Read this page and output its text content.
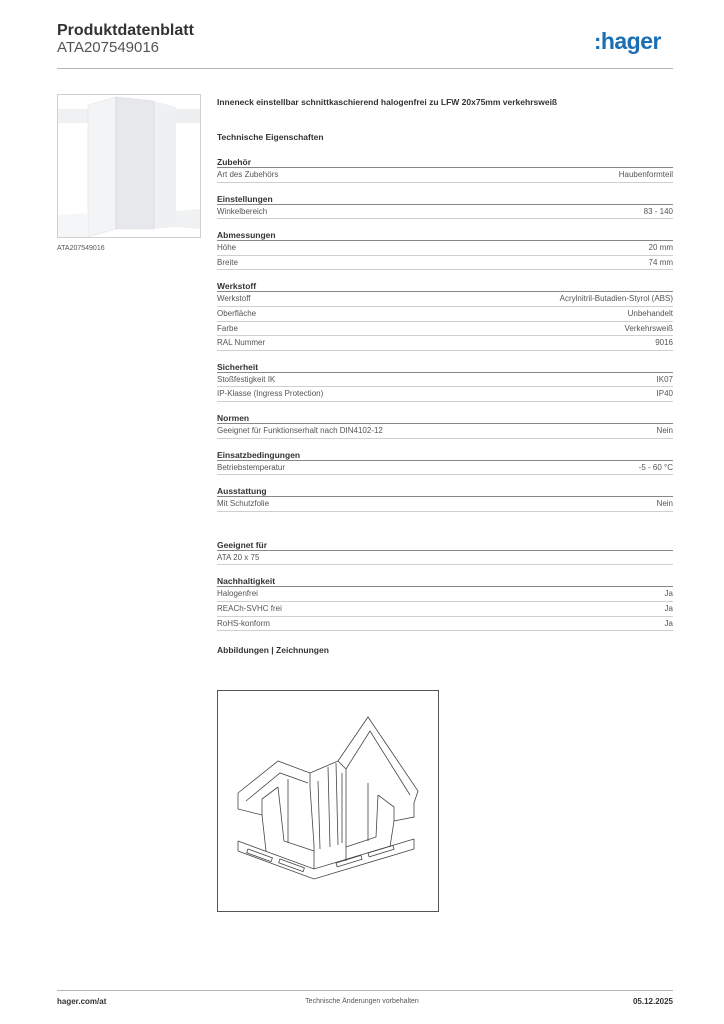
Produktdatenblatt
ATA207549016	:hager
ATA207549016
Inneneck einstellbar schnittkaschierend halogenfrei zu LFW 20x75mm verkehrsweiß
Technische Eigenschaften
Zubehör
Art des Zubehörs	Haubenformteil
Einstellungen
Winkelbereich	83 - 140
Abmessungen
Höhe	20 mm
Breite	74 mm
Werkstoff
Werkstoff	Acrylnitril-Butadien-Styrol (ABS)
Oberfläche	Unbehandelt
Farbe	Verkehrsweiß
RAL Nummer	9016
Sicherheit
Stoßfestigkeit IK	IK07
IP-Klasse (Ingress Protection)	IP40
Normen
Geeignet für Funktionserhalt nach DIN4102-12	Nein
Einsatzbedingungen
Betriebstemperatur	-5 - 60 °C
Ausstattung
Mit Schutzfolie	Nein
Geeignet für
ATA 20 x 75
Nachhaltigkeit
Halogenfrei	Ja
REACh-SVHC frei	Ja
RoHS-konform	Ja
Abbildungen | Zeichnungen
hager.com/at	Technische Änderungen vorbehalten	05.12.2025
